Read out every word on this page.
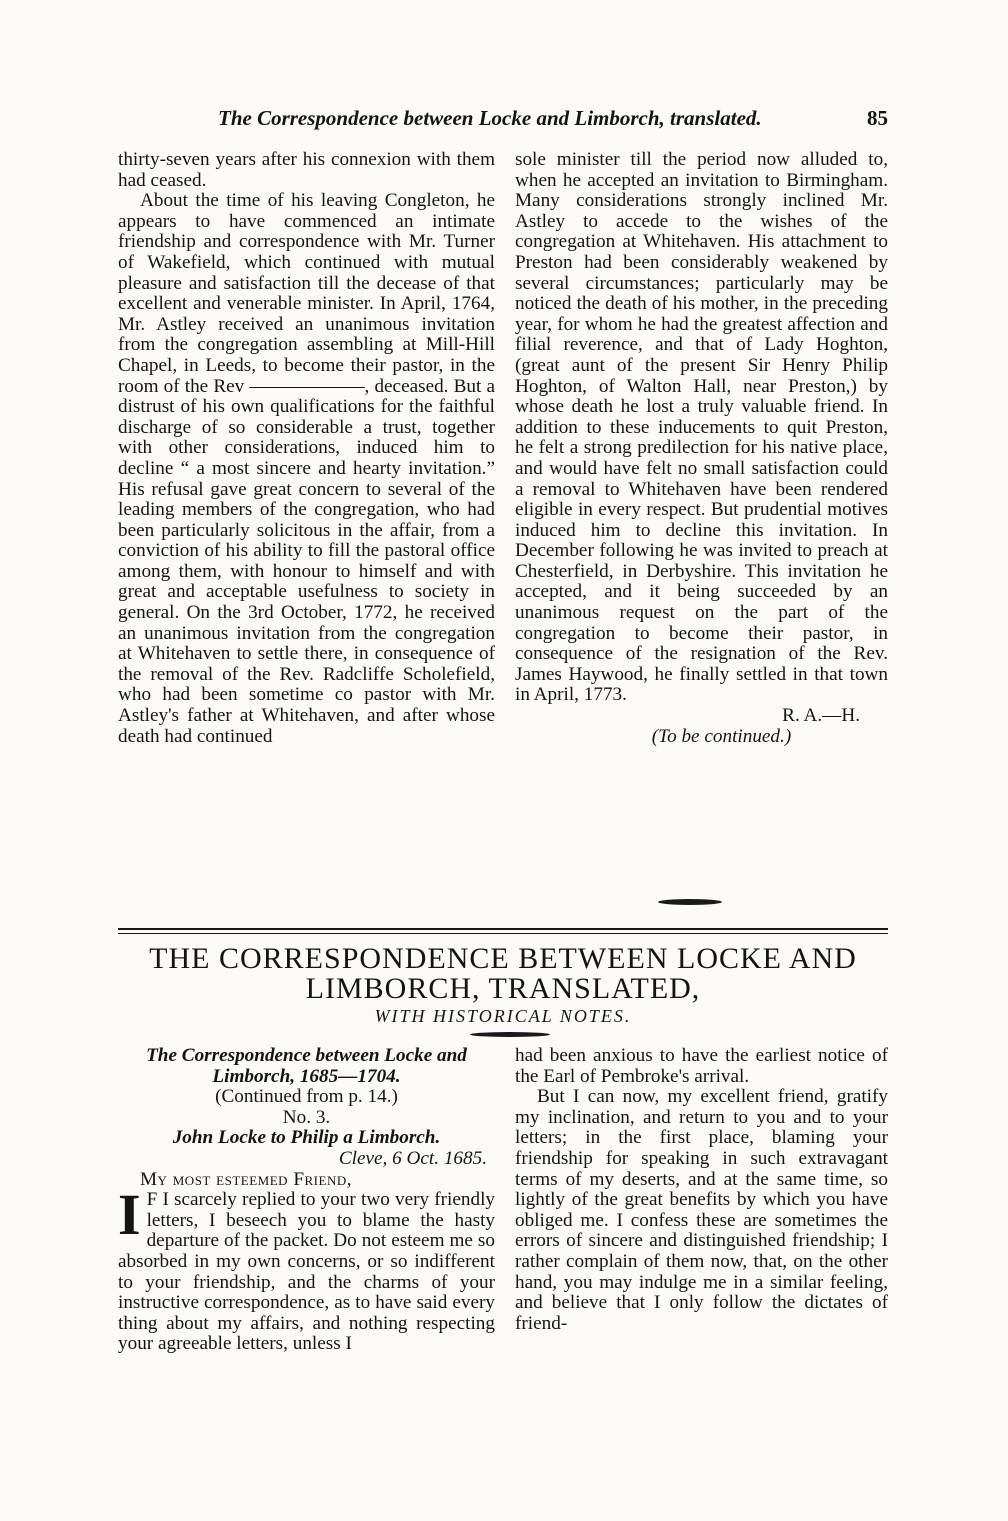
The Correspondence between Locke and Limborch, translated.	85

thirty-seven years after his connexion with them had ceased.

About the time of his leaving Congleton, he appears to have commenced an intimate friendship and correspondence with Mr. Turner of Wakefield, which continued with mutual pleasure and satisfaction till the decease of that excellent and venerable minister. In April, 1764, Mr. Astley received an unanimous invitation from the congregation assembling at Mill-Hill Chapel, in Leeds, to become their pastor, in the room of the Rev ——————, deceased. But a distrust of his own qualifications for the faithful discharge of so considerable a trust, together with other considerations, induced him to decline “ a most sincere and hearty invitation.” His refusal gave great concern to several of the leading members of the congregation, who had been particularly solicitous in the affair, from a conviction of his ability to fill the pastoral office among them, with honour to himself and with great and acceptable usefulness to society in general. On the 3rd October, 1772, he received an unanimous invitation from the congregation at Whitehaven to settle there, in consequence of the removal of the Rev. Radcliffe Scholefield, who had been sometime co pastor with Mr. Astley's father at Whitehaven, and after whose death had continued

sole minister till the period now alluded to, when he accepted an invitation to Birmingham. Many considerations strongly inclined Mr. Astley to accede to the wishes of the congregation at Whitehaven. His attachment to Preston had been considerably weakened by several circumstances; particularly may be noticed the death of his mother, in the preceding year, for whom he had the greatest affection and filial reverence, and that of Lady Hoghton, (great aunt of the present Sir Henry Philip Hoghton, of Walton Hall, near Preston,) by whose death he lost a truly valuable friend. In addition to these inducements to quit Preston, he felt a strong predilection for his native place, and would have felt no small satisfaction could a removal to Whitehaven have been rendered eligible in every respect. But prudential motives induced him to decline this invitation. In December following he was invited to preach at Chesterfield, in Derbyshire. This invitation he accepted, and it being succeeded by an unanimous request on the part of the congregation to become their pastor, in consequence of the resignation of the Rev. James Haywood, he finally settled in that town in April, 1773.

R. A.—H.

(To be continued.)

THE CORRESPONDENCE BETWEEN LOCKE AND LIMBORCH, TRANSLATED,
WITH HISTORICAL NOTES.

The Correspondence between Locke and

Limborch, 1685—1704.

(Continued from p. 14.)

No. 3.

John Locke to Philip a Limborch.

Cleve, 6 Oct. 1685.

My most esteemed Friend,

I F I scarcely replied to your two very friendly letters, I beseech you to blame the hasty departure of the packet. Do not esteem me so absorbed in my own concerns, or so indifferent to your friendship, and the charms of your instructive correspondence, as to have said every thing about my affairs, and nothing respecting your agreeable letters, unless I

had been anxious to have the earliest notice of the Earl of Pembroke's arrival.

But I can now, my excellent friend, gratify my inclination, and return to you and to your letters; in the first place, blaming your friendship for speaking in such extravagant terms of my deserts, and at the same time, so lightly of the great benefits by which you have obliged me. I confess these are sometimes the errors of sincere and distinguished friendship; I rather complain of them now, that, on the other hand, you may indulge me in a similar feeling, and believe that I only follow the dictates of friend-
